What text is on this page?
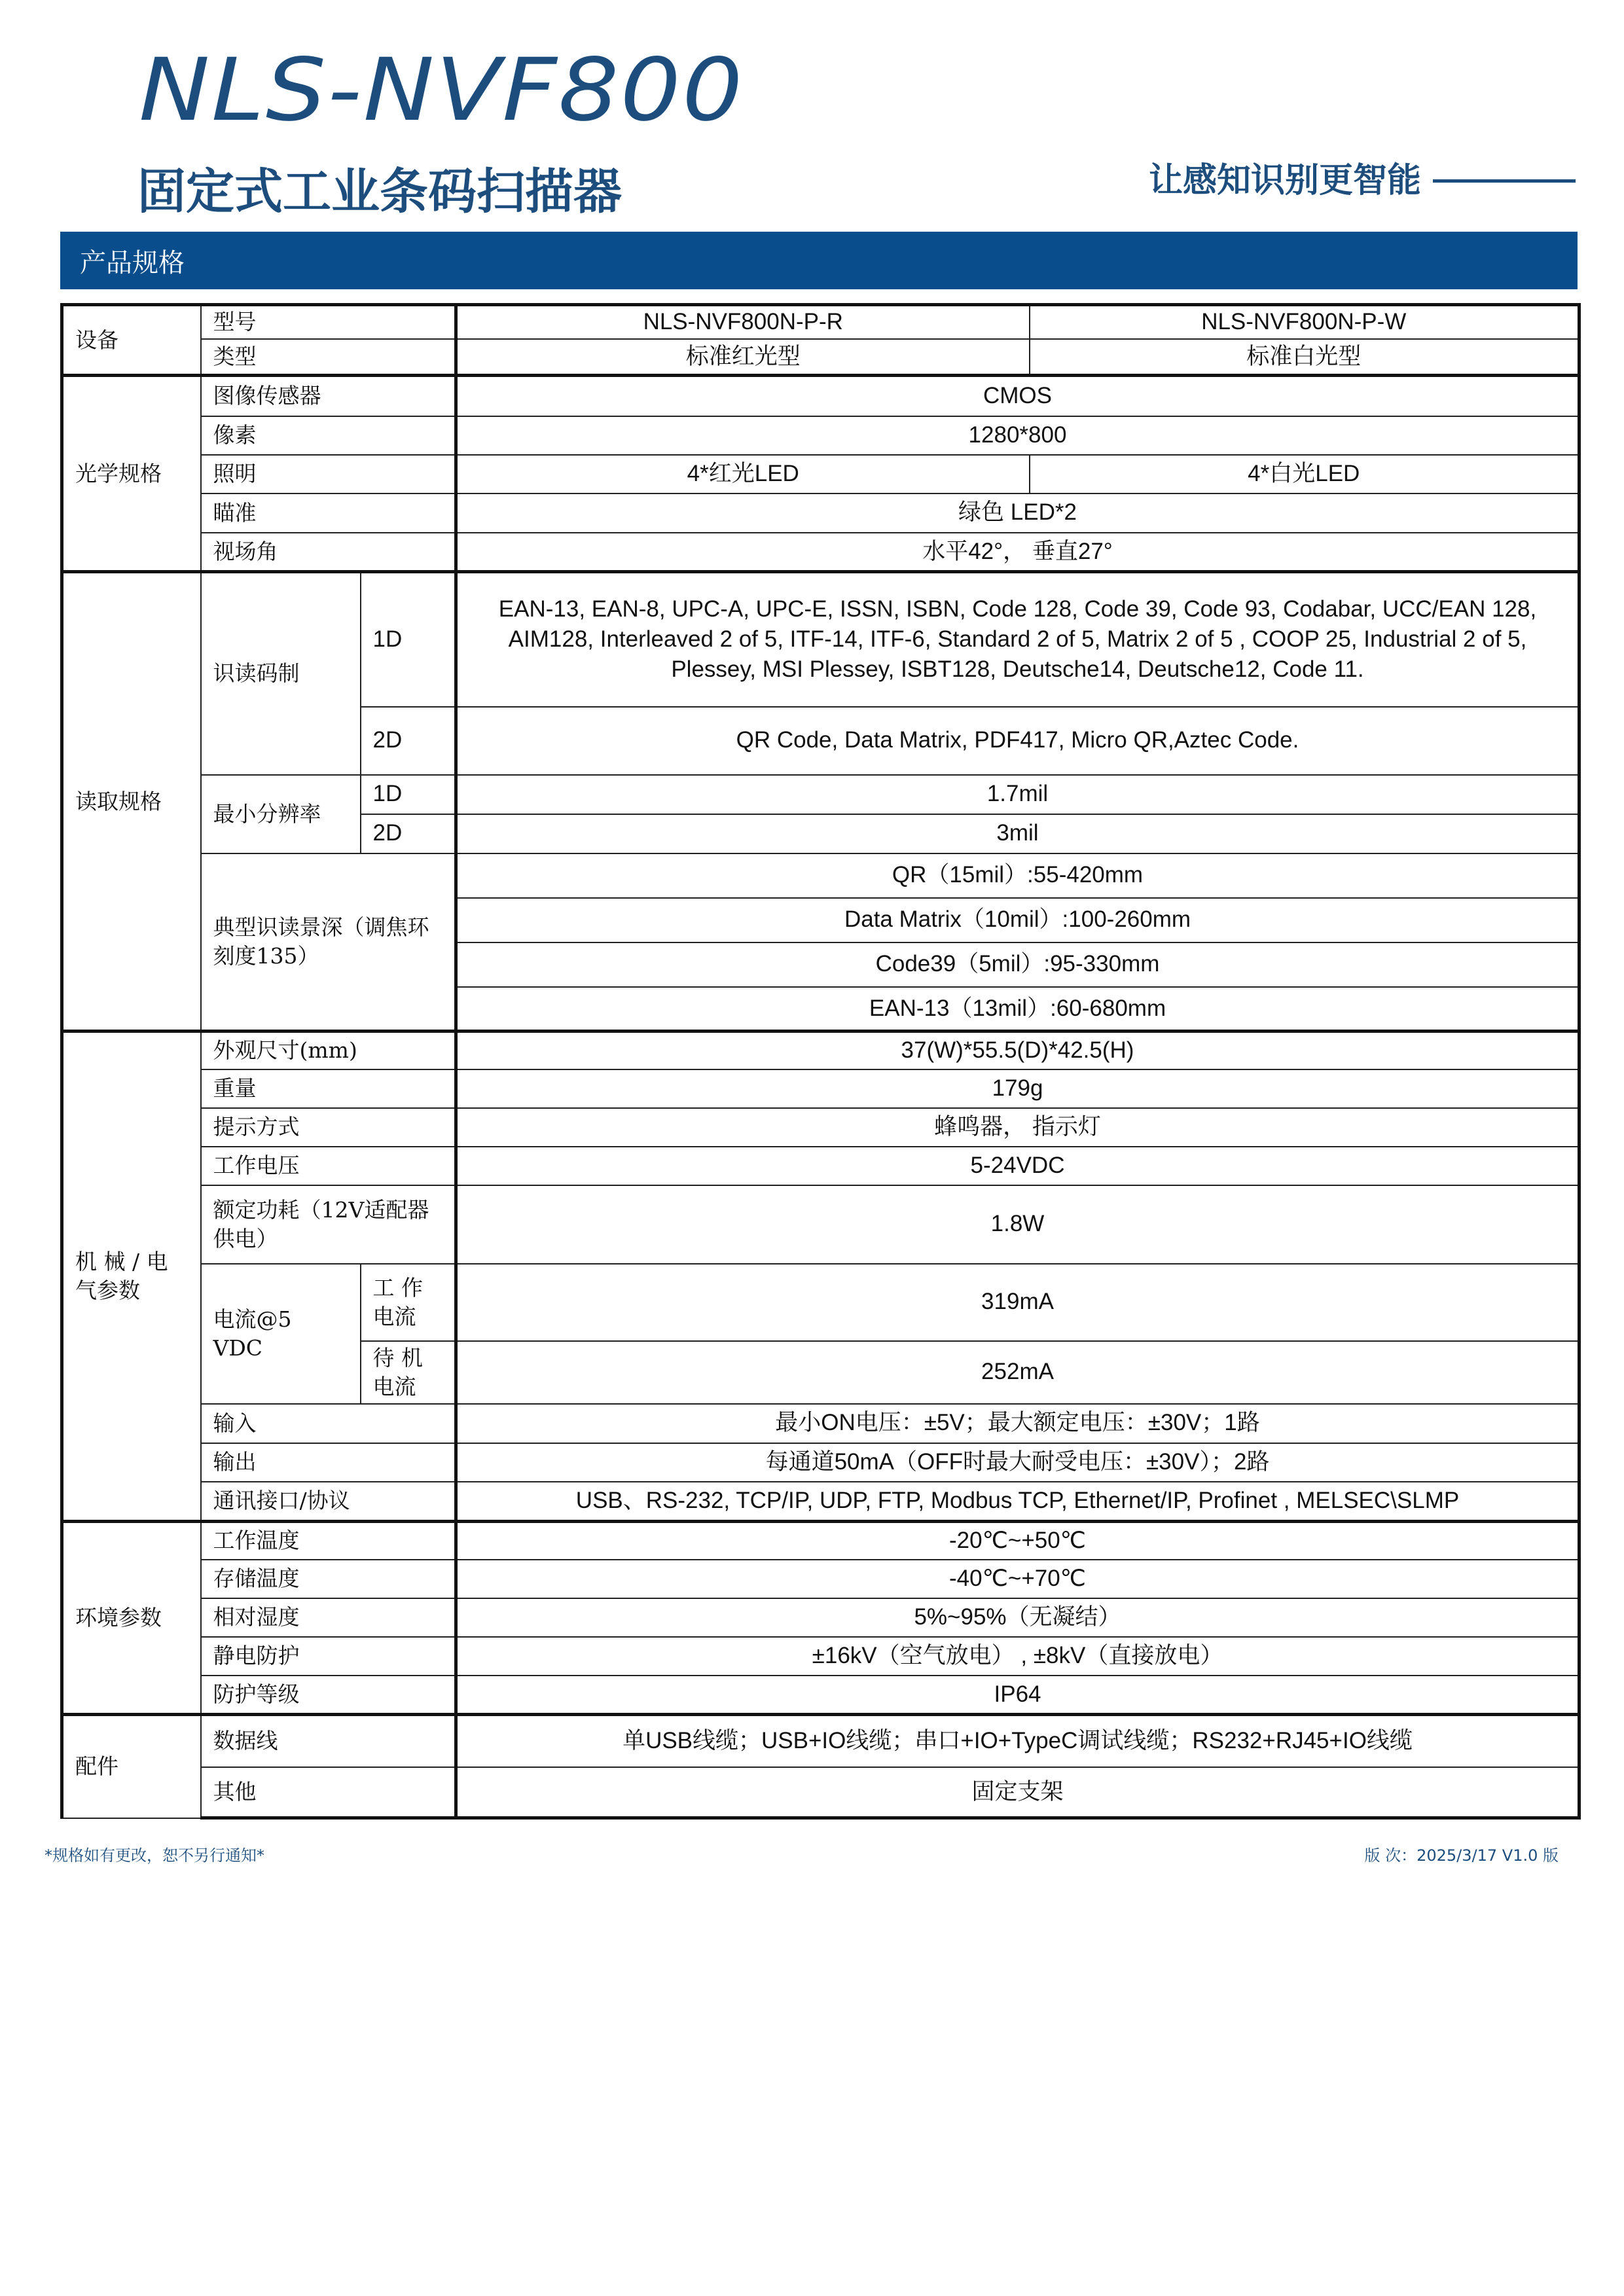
NLS-NVF800
固定式工业条码扫描器	让感知识别更智能
产品规格
设备	型号		NLS-NVF800N-P-R	NLS-NVF800N-P-W
	类型		标准红光型	标准白光型
光学规格	图像传感器		CMOS	
	像素		1280*800	
	照明		4*红光LED	4*白光LED
	瞄准		绿色 LED*2	
	视场角		水平42°， 垂直27°	
读取规格	识读码制	1D	EAN-13, EAN-8, UPC-A, UPC-E, ISSN, ISBN, Code 128, Code 39, Code 93, Codabar, UCC/EAN 128, AIM128, Interleaved 2 of 5, ITF-14, ITF-6, Standard 2 of 5, Matrix 2 of 5 , COOP 25, Industrial 2 of 5, Plessey, MSI Plessey, ISBT128, Deutsche14, Deutsche12, Code 11.	
		2D	QR Code, Data Matrix, PDF417, Micro QR,Aztec Code.	
	最小分辨率	1D	1.7mil	
		2D	3mil	
	典型识读景深（调焦环刻度135）		QR（15mil）:55-420mm	
			Data Matrix（10mil）:100-260mm	
			Code39（5mil）:95-330mm	
			EAN-13（13mil）:60-680mm	
机 械 / 电气参数	外观尺寸(mm)		37(W)*55.5(D)*42.5(H)	
	重量		179g	
	提示方式		蜂鸣器， 指示灯	
	工作电压		5-24VDC	
	额定功耗（12V适配器供电）		1.8W	
	电流@5 VDC	工 作电流	319mA	
		待 机电流	252mA	
	输入		最小ON电压：±5V；最大额定电压：±30V；1路	
	输出		每通道50mA（OFF时最大耐受电压：±30V）；2路	
	通讯接口/协议		USB、RS-232, TCP/IP, UDP, FTP, Modbus TCP, Ethernet/IP, Profinet , MELSEC\SLMP	
环境参数	工作温度		-20℃~+50℃	
	存储温度		-40℃~+70℃	
	相对湿度		5%~95%（无凝结）	
	静电防护		±16kV（空气放电） , ±8kV（直接放电）	
	防护等级		IP64	
配件	数据线		单USB线缆；USB+IO线缆；串口+IO+TypeC调试线缆；RS232+RJ45+IO线缆	
	其他		固定支架	
*规格如有更改，恕不另行通知*	版 次：2025/3/17 V1.0 版
